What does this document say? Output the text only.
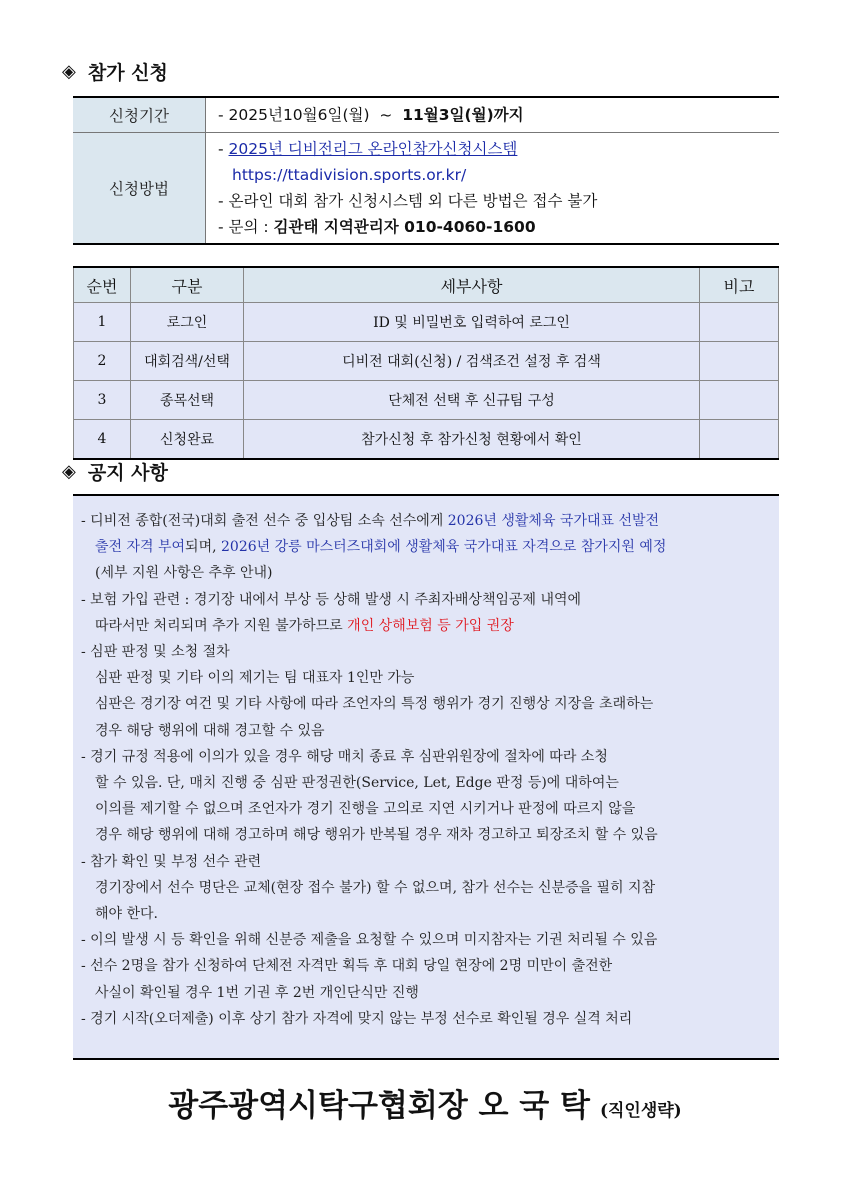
◈ 참가 신청
신청기간	- 2025년10월6일(월)  ~  11월3일(월)까지
신청방법	- 2025년 디비전리그 온라인참가신청시스템
https://ttadivision.sports.or.kr/
- 온라인 대회 참가 신청시스템 외 다른 방법은 접수 불가
- 문의 : 김관태 지역관리자 010-4060-1600
순번	구분	세부사항	비고
1	로그인	ID 및 비밀번호 입력하여 로그인	
2	대회검색/선택	디비전 대회(신청) / 검색조건 설정 후 검색	
3	종목선택	단체전 선택 후 신규팀 구성	
4	신청완료	참가신청 후 참가신청 현황에서 확인	
◈ 공지 사항
- 디비전 종합(전국)대회 출전 선수 중 입상팀 소속 선수에게 2026년 생활체육 국가대표 선발전
출전 자격 부여되며, 2026년 강릉 마스터즈대회에 생활체육 국가대표 자격으로 참가지원 예정
(세부 지원 사항은 추후 안내)
- 보험 가입 관련 : 경기장 내에서 부상 등 상해 발생 시 주최자배상책임공제 내역에
따라서만 처리되며 추가 지원 불가하므로 개인 상해보험 등 가입 권장
- 심판 판정 및 소청 절차
심판 판정 및 기타 이의 제기는 팀 대표자 1인만 가능
심판은 경기장 여건 및 기타 사항에 따라 조언자의 특정 행위가 경기 진행상 지장을 초래하는
경우 해당 행위에 대해 경고할 수 있음
- 경기 규정 적용에 이의가 있을 경우 해당 매치 종료 후 심판위원장에 절차에 따라 소청
할 수 있음. 단, 매치 진행 중 심판 판정권한(Service, Let, Edge 판정 등)에 대하여는
이의를 제기할 수 없으며 조언자가 경기 진행을 고의로 지연 시키거나 판정에 따르지 않을
경우 해당 행위에 대해 경고하며 해당 행위가 반복될 경우 재차 경고하고 퇴장조치 할 수 있음
- 참가 확인 및 부정 선수 관련
경기장에서 선수 명단은 교체(현장 접수 불가) 할 수 없으며, 참가 선수는 신분증을 필히 지참
해야 한다.
- 이의 발생 시 등 확인을 위해 신분증 제출을 요청할 수 있으며 미지참자는 기권 처리될 수 있음
- 선수 2명을 참가 신청하여 단체전 자격만 획득 후 대회 당일 현장에 2명 미만이 출전한
사실이 확인될 경우 1번 기권 후 2번 개인단식만 진행
- 경기 시작(오더제출) 이후 상기 참가 자격에 맞지 않는 부정 선수로 확인될 경우 실격 처리
광주광역시탁구협회장 오 국 탁 (직인생략)
